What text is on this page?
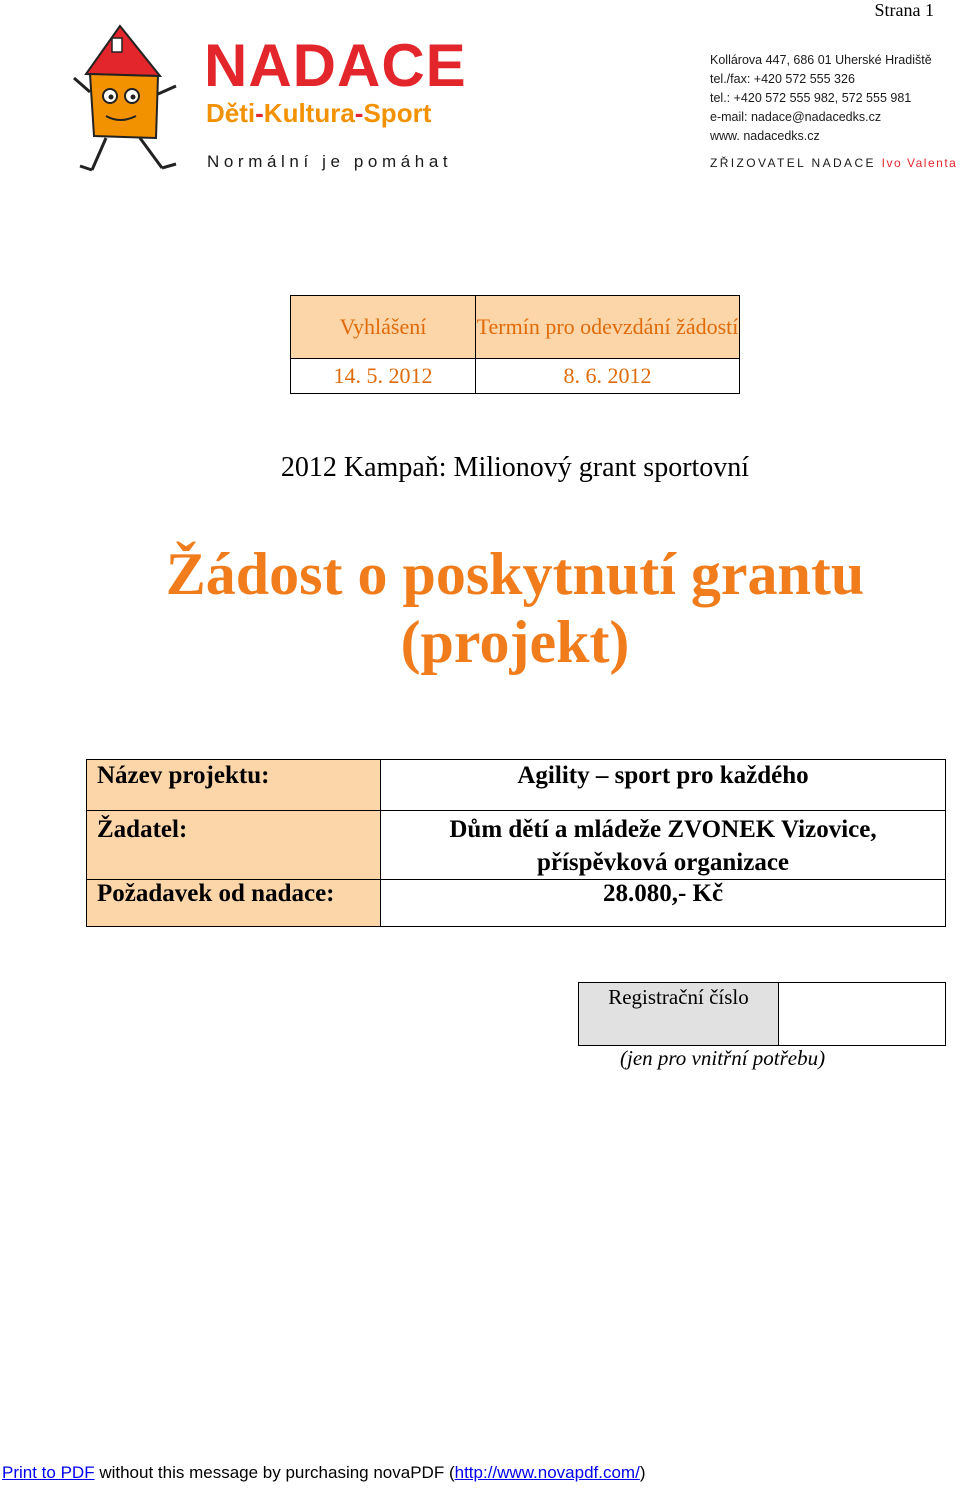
Strana 1
NADACE
Děti-Kultura-Sport
Normální je pomáhat
Kollárova 447, 686 01 Uherské Hradiště
tel./fax: +420 572 555 326
tel.: +420 572 555 982, 572 555 981
e-mail: nadace@nadacedks.cz
www. nadacedks.cz
ZŘIZOVATEL NADACE Ivo Valenta
Vyhlášení	Termín pro odevzdání žádostí
14. 5. 2012	8. 6. 2012
2012 Kampaň: Milionový grant sportovní
Žádost o poskytnutí grantu
(projekt)
Název projektu:	Agility – sport pro každého
Žadatel:	Dům dětí a mládeže ZVONEK Vizovice,
příspěvková organizace

Požadavek od nadace:	28.080,- Kč
Registrační číslo
(jen pro vnitřní potřebu)
Print to PDF without this message by purchasing novaPDF (http://www.novapdf.com/)
